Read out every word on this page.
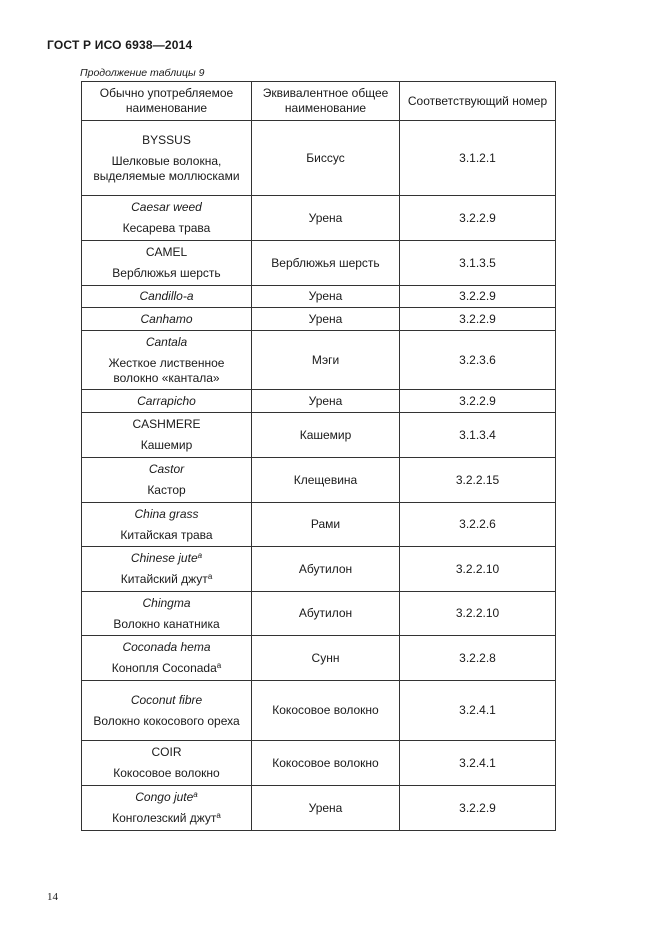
ГОСТ Р ИСО 6938—2014
Продолжение таблицы 9
Обычно употребляемое наименование	Эквивалентное общее наименование	Соответствующий номер

BYSSUS
Шелковые волокна, выделяемые моллюсками	Биссус	3.1.2.1

Caesar weed
Кесарева трава	Урена	3.2.2.9

CAMEL
Верблюжья шерсть	Верблюжья шерсть	3.1.3.5

Candillo-a	Урена	3.2.2.9

Canhamo	Урена	3.2.2.9

Cantala
Жесткое лиственное волокно «кантала»	Мэги	3.2.3.6

Carrapicho	Урена	3.2.2.9

CASHMERE
Кашемир	Кашемир	3.1.3.4

Castor
Кастор	Клещевина	3.2.2.15

China grass
Китайская трава	Рами	3.2.2.6

Chinese jute$^а$
Китайский джут$^а$	Абутилон	3.2.2.10

Chingma
Волокно канатника	Абутилон	3.2.2.10

Coconada hema
Конопля Coconada$^а$	Сунн	3.2.2.8

Coconut fibre
Волокно кокосового ореха	Кокосовое волокно	3.2.4.1

COIR
Кокосовое волокно	Кокосовое волокно	3.2.4.1

Congo jute$^а$
Конголезский джут$^а$	Урена	3.2.2.9
14
